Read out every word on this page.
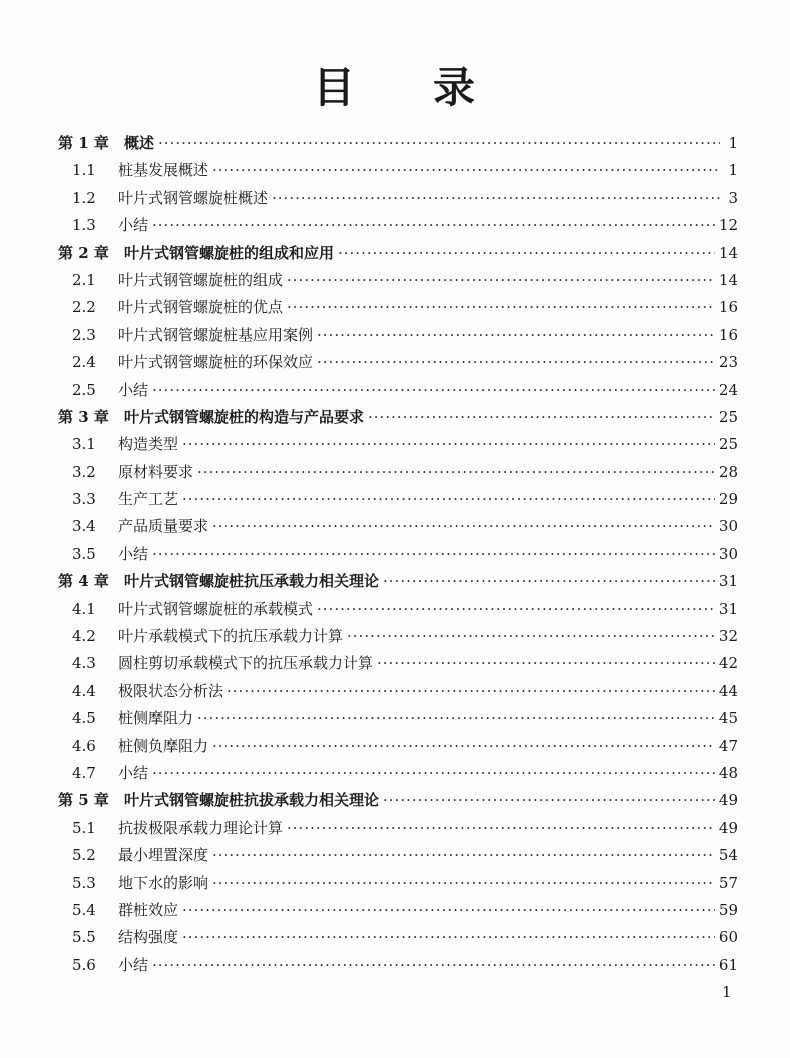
目 录
第 1 章	概述 ·····	1
1.1	桩基发展概述 ·····	1
1.2	叶片式钢管螺旋桩概述 ·····	3
1.3	小结 ·····	12
第 2 章	叶片式钢管螺旋桩的组成和应用 ·····	14
2.1	叶片式钢管螺旋桩的组成 ·····	14
2.2	叶片式钢管螺旋桩的优点 ·····	16
2.3	叶片式钢管螺旋桩基应用案例 ·····	16
2.4	叶片式钢管螺旋桩的环保效应 ·····	23
2.5	小结 ·····	24
第 3 章	叶片式钢管螺旋桩的构造与产品要求 ·····	25
3.1	构造类型 ·····	25
3.2	原材料要求 ·····	28
3.3	生产工艺 ·····	29
3.4	产品质量要求 ·····	30
3.5	小结 ·····	30
第 4 章	叶片式钢管螺旋桩抗压承载力相关理论 ·····	31
4.1	叶片式钢管螺旋桩的承载模式 ·····	31
4.2	叶片承载模式下的抗压承载力计算 ·····	32
4.3	圆柱剪切承载模式下的抗压承载力计算 ·····	42
4.4	极限状态分析法 ·····	44
4.5	桩侧摩阻力 ·····	45
4.6	桩侧负摩阻力 ·····	47
4.7	小结 ·····	48
第 5 章	叶片式钢管螺旋桩抗拔承载力相关理论 ·····	49
5.1	抗拔极限承载力理论计算 ·····	49
5.2	最小埋置深度 ·····	54
5.3	地下水的影响 ·····	57
5.4	群桩效应 ·····	59
5.5	结构强度 ·····	60
5.6	小结 ·····	61
1
